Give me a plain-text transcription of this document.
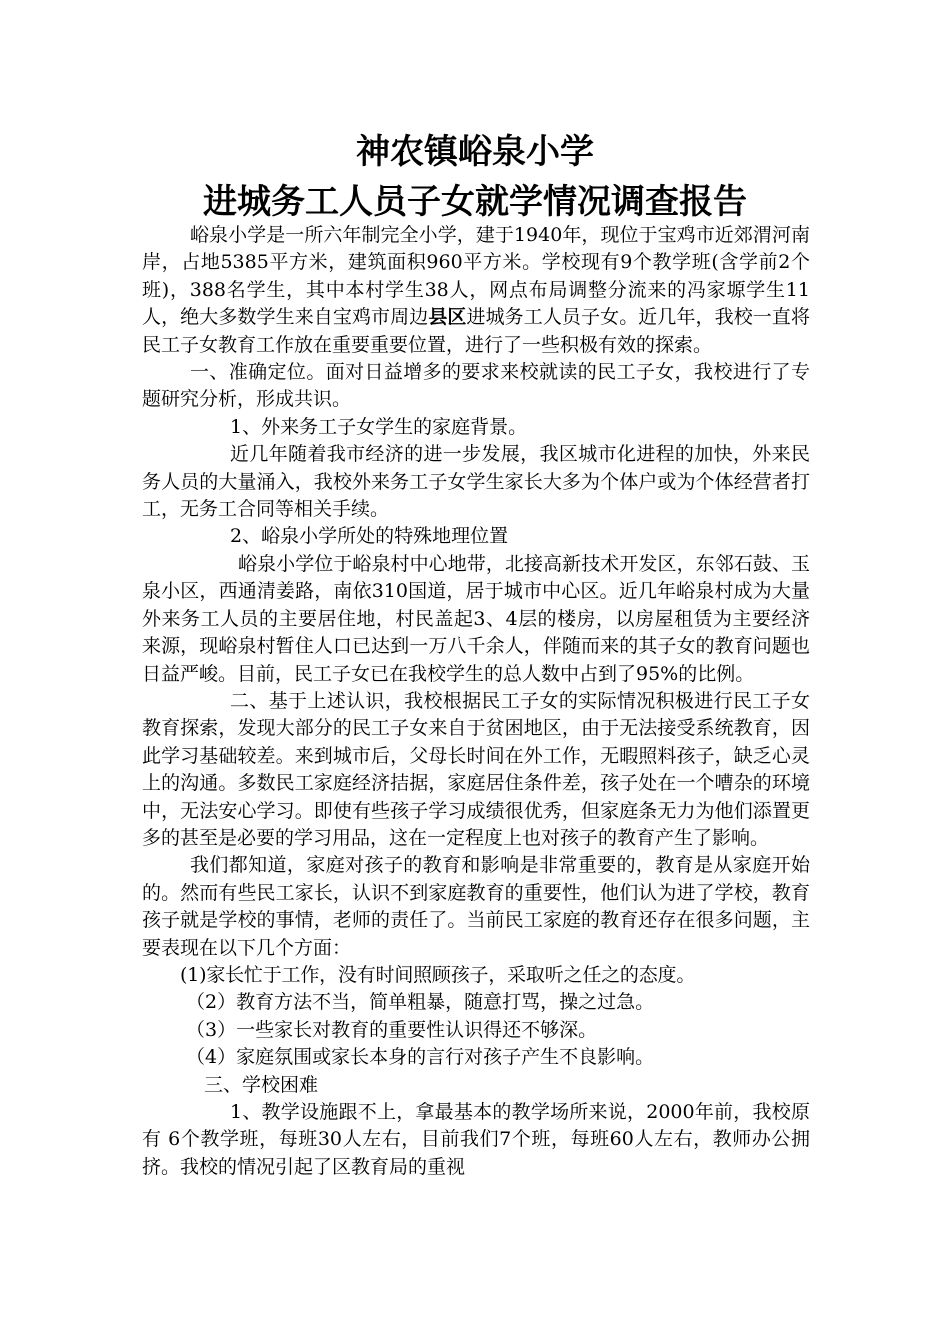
神农镇峪泉小学
进城务工人员子女就学情况调查报告

峪泉小学是一所六年制完全小学，建于1940年，现位于宝鸡市近郊渭河南岸，占地5385平方米，建筑面积960平方米。学校现有9个教学班(含学前2个班)，388名学生，其中本村学生38人，网点布局调整分流来的冯家塬学生11人，绝大多数学生来自宝鸡市周边县区进城务工人员子女。近几年，我校一直将民工子女教育工作放在重要重要位置，进行了一些积极有效的探索。

一、准确定位。面对日益增多的要求来校就读的民工子女，我校进行了专题研究分析，形成共识。

1、外来务工子女学生的家庭背景。

近几年随着我市经济的进一步发展，我区城市化进程的加快，外来民务人员的大量涌入，我校外来务工子女学生家长大多为个体户或为个体经营者打工，无务工合同等相关手续。

2、峪泉小学所处的特殊地理位置

峪泉小学位于峪泉村中心地带，北接高新技术开发区，东邻石鼓、玉泉小区，西通清姜路，南依310国道，居于城市中心区。近几年峪泉村成为大量外来务工人员的主要居住地，村民盖起3、4层的楼房，以房屋租赁为主要经济来源，现峪泉村暂住人口已达到一万八千余人，伴随而来的其子女的教育问题也日益严峻。目前，民工子女已在我校学生的总人数中占到了95%的比例。

二、基于上述认识，我校根据民工子女的实际情况积极进行民工子女教育探索，发现大部分的民工子女来自于贫困地区，由于无法接受系统教育，因此学习基础较差。来到城市后，父母长时间在外工作，无暇照料孩子，缺乏心灵上的沟通。多数民工家庭经济拮据，家庭居住条件差，孩子处在一个嘈杂的环境中，无法安心学习。即使有些孩子学习成绩很优秀，但家庭条无力为他们添置更多的甚至是必要的学习用品，这在一定程度上也对孩子的教育产生了影响。

我们都知道，家庭对孩子的教育和影响是非常重要的，教育是从家庭开始的。然而有些民工家长，认识不到家庭教育的重要性，他们认为进了学校，教育孩子就是学校的事情，老师的责任了。当前民工家庭的教育还存在很多问题，主要表现在以下几个方面：

(1)家长忙于工作，没有时间照顾孩子，采取听之任之的态度。

（2）教育方法不当，简单粗暴，随意打骂，操之过急。

（3）一些家长对教育的重要性认识得还不够深。

（4）家庭氛围或家长本身的言行对孩子产生不良影响。

三、学校困难

1、教学设施跟不上，拿最基本的教学场所来说，2000年前，我校原有 6个教学班，每班30人左右，目前我们7个班，每班60人左右，教师办公拥挤。我校的情况引起了区教育局的重视
